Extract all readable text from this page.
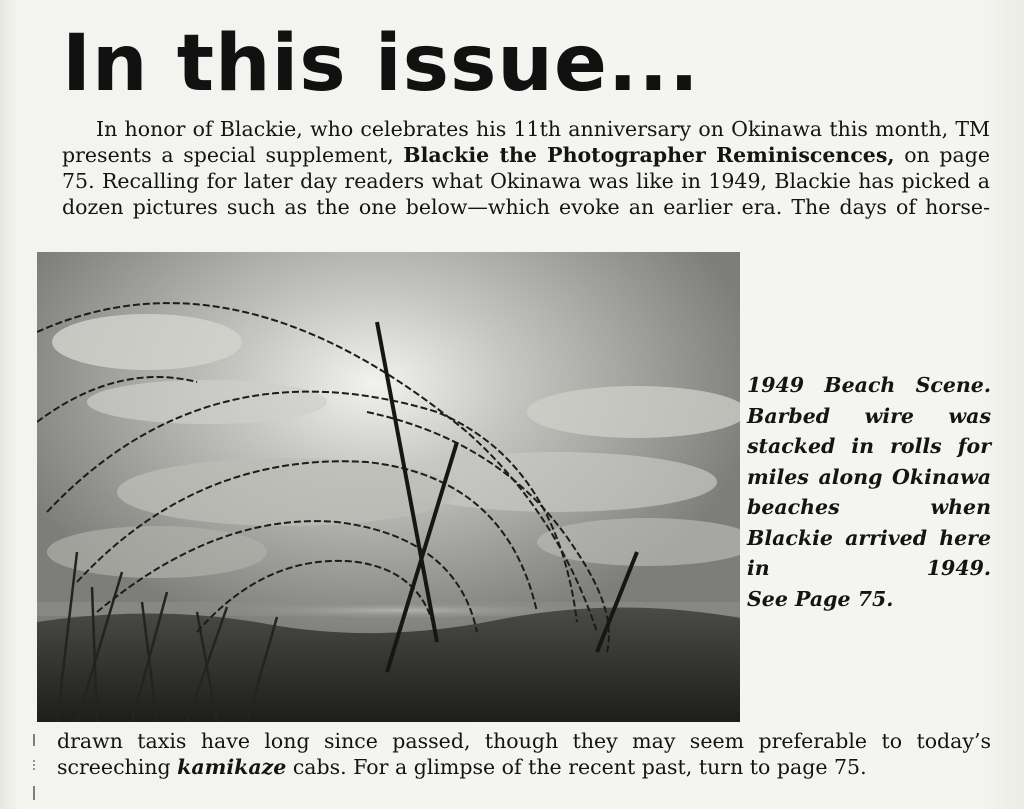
In this issue...

In honor of Blackie, who celebrates his 11th anniversary on Okinawa this month, TM presents a special supplement, Blackie the Photographer Reminiscences, on page 75. Recalling for later day readers what Okinawa was like in 1949, Blackie has picked a dozen pictures such as the one below—which evoke an earlier era. The days of horse-

1949 Beach Scene. Barbed wire was stacked in rolls for miles along Okinawa beaches when Blackie arrived here in 1949.
See Page 75.

drawn taxis have long since passed, though they may seem preferable to today’s screeching kamikaze cabs. For a glimpse of the recent past, turn to page 75.
